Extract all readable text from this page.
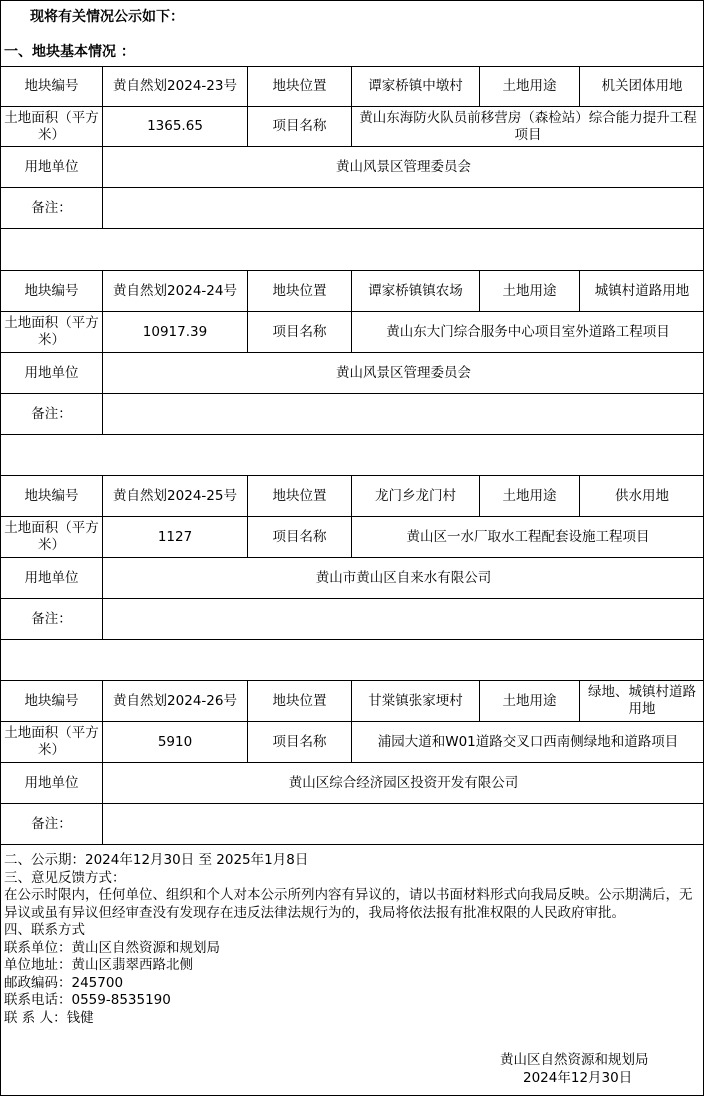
现将有关情况公示如下：
一、地块基本情况 ：
地块编号	黄自然划2024-23号	地块位置	谭家桥镇中墩村	土地用途	机关团体用地
土地面积（平方米）	1365.65	项目名称	黄山东海防火队员前移营房（森检站）综合能力提升工程项目		
用地单位	黄山风景区管理委员会				
备注：					
地块编号	黄自然划2024-24号	地块位置	谭家桥镇镇农场	土地用途	城镇村道路用地
土地面积（平方米）	10917.39	项目名称	黄山东大门综合服务中心项目室外道路工程项目		
用地单位	黄山风景区管理委员会				
备注：					
地块编号	黄自然划2024-25号	地块位置	龙门乡龙门村	土地用途	供水用地
土地面积（平方米）	1127	项目名称	黄山区一水厂取水工程配套设施工程项目		
用地单位	黄山市黄山区自来水有限公司				
备注：					
地块编号	黄自然划2024-26号	地块位置	甘棠镇张家埂村	土地用途	绿地、城镇村道路用地
土地面积（平方米）	5910	项目名称	浦园大道和W01道路交叉口西南侧绿地和道路项目		
用地单位	黄山区综合经济园区投资开发有限公司				
备注：					
二、公示期：2024年12月30日 至 2025年1月8日
三、意见反馈方式：
在公示时限内，任何单位、组织和个人对本公示所列内容有异议的，请以书面材料形式向我局反映。公示期满后，无异议或虽有异议但经审查没有发现存在违反法律法规行为的，我局将依法报有批准权限的人民政府审批。
四、联系方式
联系单位：黄山区自然资源和规划局
单位地址：黄山区翡翠西路北侧
邮政编码：245700
联系电话：0559-8535190
联 系 人：钱健
黄山区自然资源和规划局
2024年12月30日
